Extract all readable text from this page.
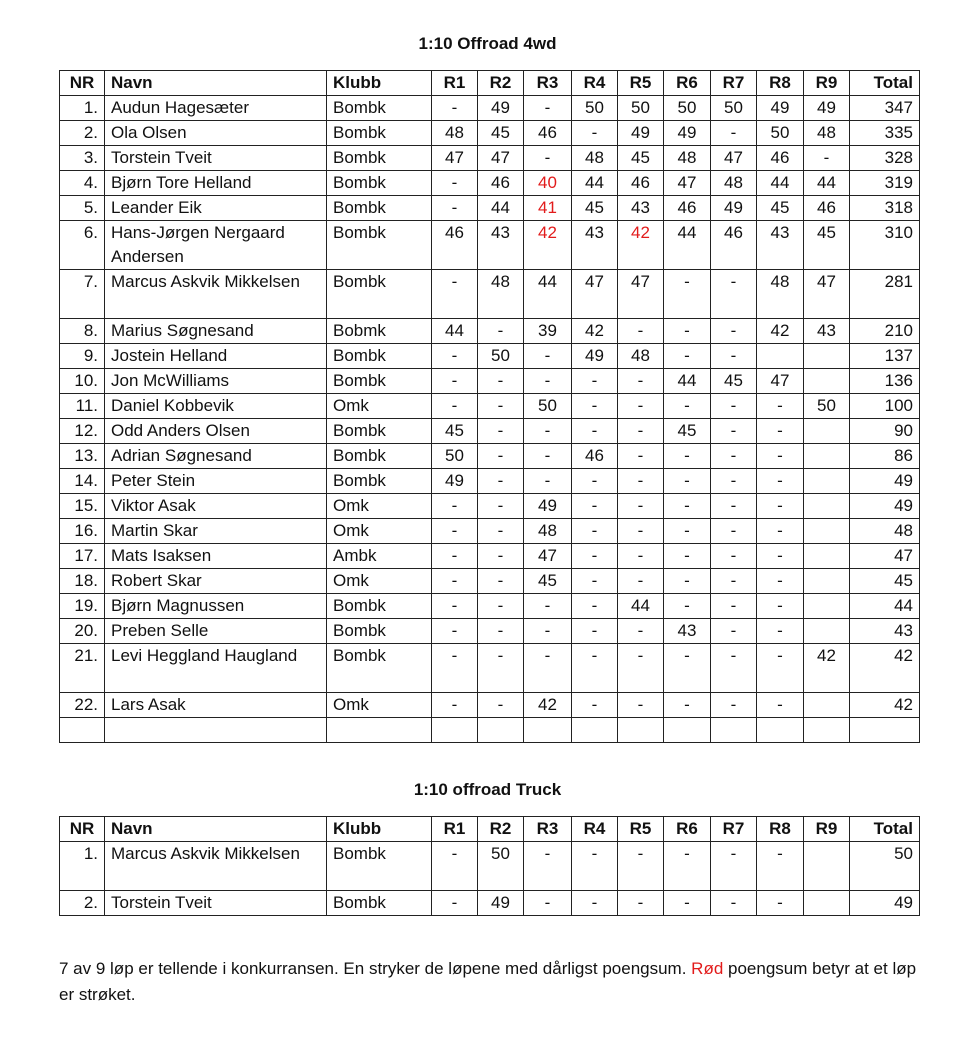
1:10 Offroad 4wd
NR	Navn	Klubb	R1	R2	R3	R4	R5	R6	R7	R8	R9	Total
1.	Audun Hagesæter	Bombk	-	49	-	50	50	50	50	49	49	347
2.	Ola Olsen	Bombk	48	45	46	-	49	49	-	50	48	335
3.	Torstein Tveit	Bombk	47	47	-	48	45	48	47	46	-	328
4.	Bjørn Tore Helland	Bombk	-	46	40	44	46	47	48	44	44	319
5.	Leander Eik	Bombk	-	44	41	45	43	46	49	45	46	318
6.	Hans-Jørgen Nergaard Andersen	Bombk	46	43	42	43	42	44	46	43	45	310
7.	Marcus Askvik Mikkelsen	Bombk	-	48	44	47	47	-	-	48	47	281
8.	Marius Søgnesand	Bobmk	44	-	39	42	-	-	-	42	43	210
9.	Jostein Helland	Bombk	-	50	-	49	48	-	-			137
10.	Jon McWilliams	Bombk	-	-	-	-	-	44	45	47		136
11.	Daniel Kobbevik	Omk	-	-	50	-	-	-	-	-	50	100
12.	Odd Anders Olsen	Bombk	45	-	-	-	-	45	-	-		90
13.	Adrian Søgnesand	Bombk	50	-	-	46	-	-	-	-		86
14.	Peter Stein	Bombk	49	-	-	-	-	-	-	-		49
15.	Viktor Asak	Omk	-	-	49	-	-	-	-	-		49
16.	Martin Skar	Omk	-	-	48	-	-	-	-	-		48
17.	Mats Isaksen	Ambk	-	-	47	-	-	-	-	-		47
18.	Robert Skar	Omk	-	-	45	-	-	-	-	-		45
19.	Bjørn Magnussen	Bombk	-	-	-	-	44	-	-	-		44
20.	Preben Selle	Bombk	-	-	-	-	-	43	-	-		43
21.	Levi Heggland Haugland	Bombk	-	-	-	-	-	-	-	-	42	42
22.	Lars Asak	Omk	-	-	42	-	-	-	-	-		42

1:10 offroad Truck
NR	Navn	Klubb	R1	R2	R3	R4	R5	R6	R7	R8	R9	Total
1.	Marcus Askvik Mikkelsen	Bombk	-	50	-	-	-	-	-	-		50
2.	Torstein Tveit	Bombk	-	49	-	-	-	-	-	-		49
7 av 9 løp er tellende i konkurransen. En stryker de løpene med dårligst poengsum. Rød poengsum betyr at et løp er strøket.
